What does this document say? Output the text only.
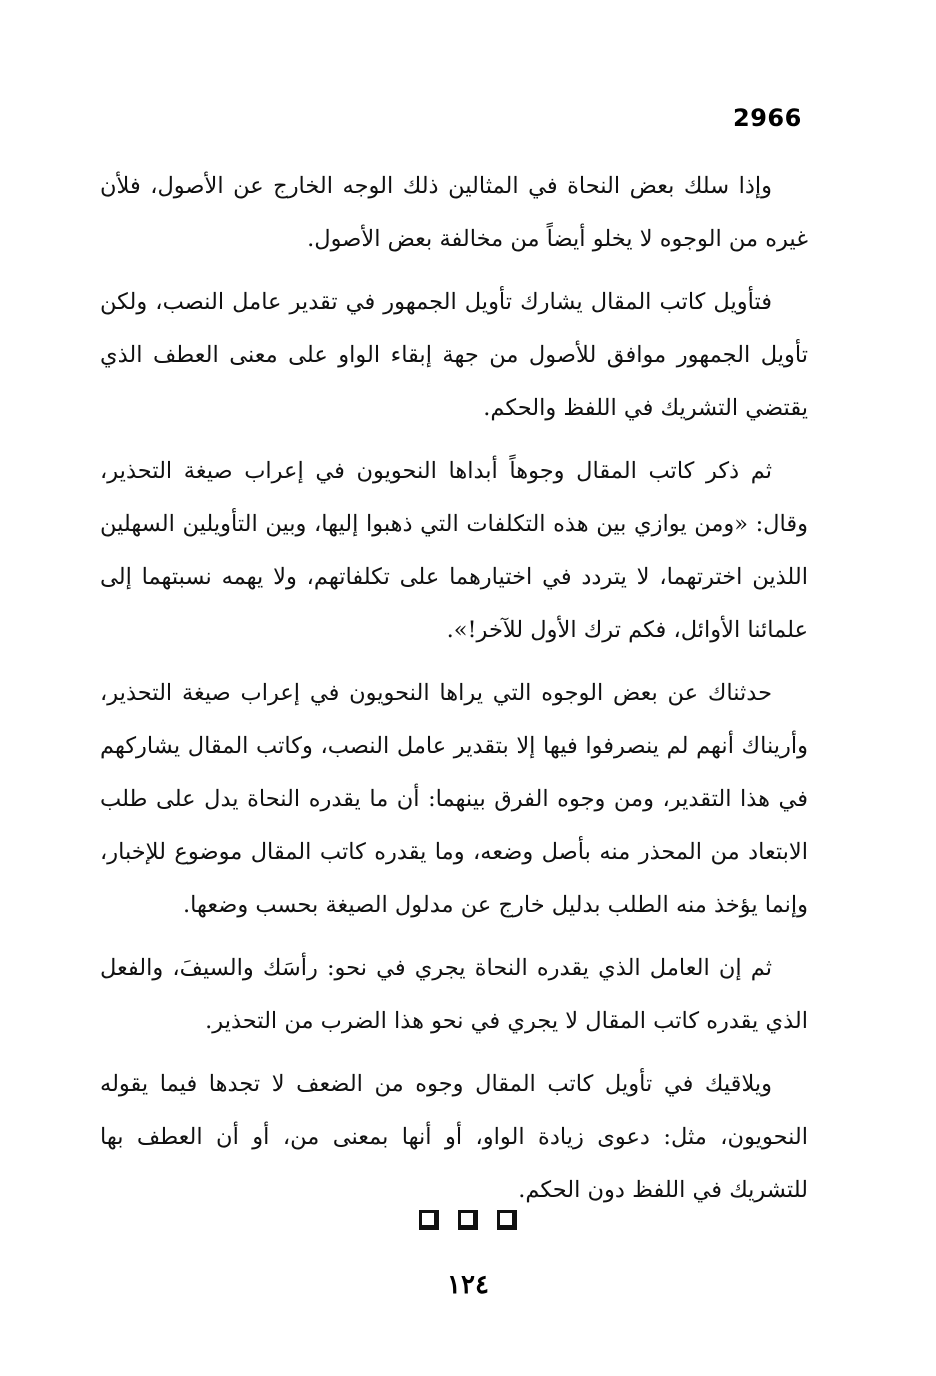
2966

وإذا سلك بعض النحاة في المثالين ذلك الوجه الخارج عن الأصول، فلأن غيره من الوجوه لا يخلو أيضاً من مخالفة بعض الأصول.

فتأويل كاتب المقال يشارك تأويل الجمهور في تقدير عامل النصب، ولكن تأويل الجمهور موافق للأصول من جهة إبقاء الواو على معنى العطف الذي يقتضي التشريك في اللفظ والحكم.

ثم ذكر كاتب المقال وجوهاً أبداها النحويون في إعراب صيغة التحذير، وقال: «ومن يوازي بين هذه التكلفات التي ذهبوا إليها، وبين التأويلين السهلين اللذين اخترتهما، لا يتردد في اختيارهما على تكلفاتهم، ولا يهمه نسبتهما إلى علمائنا الأوائل، فكم ترك الأول للآخر!».

حدثناك عن بعض الوجوه التي يراها النحويون في إعراب صيغة التحذير، وأريناك أنهم لم ينصرفوا فيها إلا بتقدير عامل النصب، وكاتب المقال يشاركهم في هذا التقدير، ومن وجوه الفرق بينهما: أن ما يقدره النحاة يدل على طلب الابتعاد من المحذر منه بأصل وضعه، وما يقدره كاتب المقال موضوع للإخبار، وإنما يؤخذ منه الطلب بدليل خارج عن مدلول الصيغة بحسب وضعها.

ثم إن العامل الذي يقدره النحاة يجري في نحو: رأسَك والسيفَ، والفعل الذي يقدره كاتب المقال لا يجري في نحو هذا الضرب من التحذير.

ويلاقيك في تأويل كاتب المقال وجوه من الضعف لا تجدها فيما يقوله النحويون، مثل: دعوى زيادة الواو، أو أنها بمعنى من، أو أن العطف بها للتشريك في اللفظ دون الحكم.

١٢٤
